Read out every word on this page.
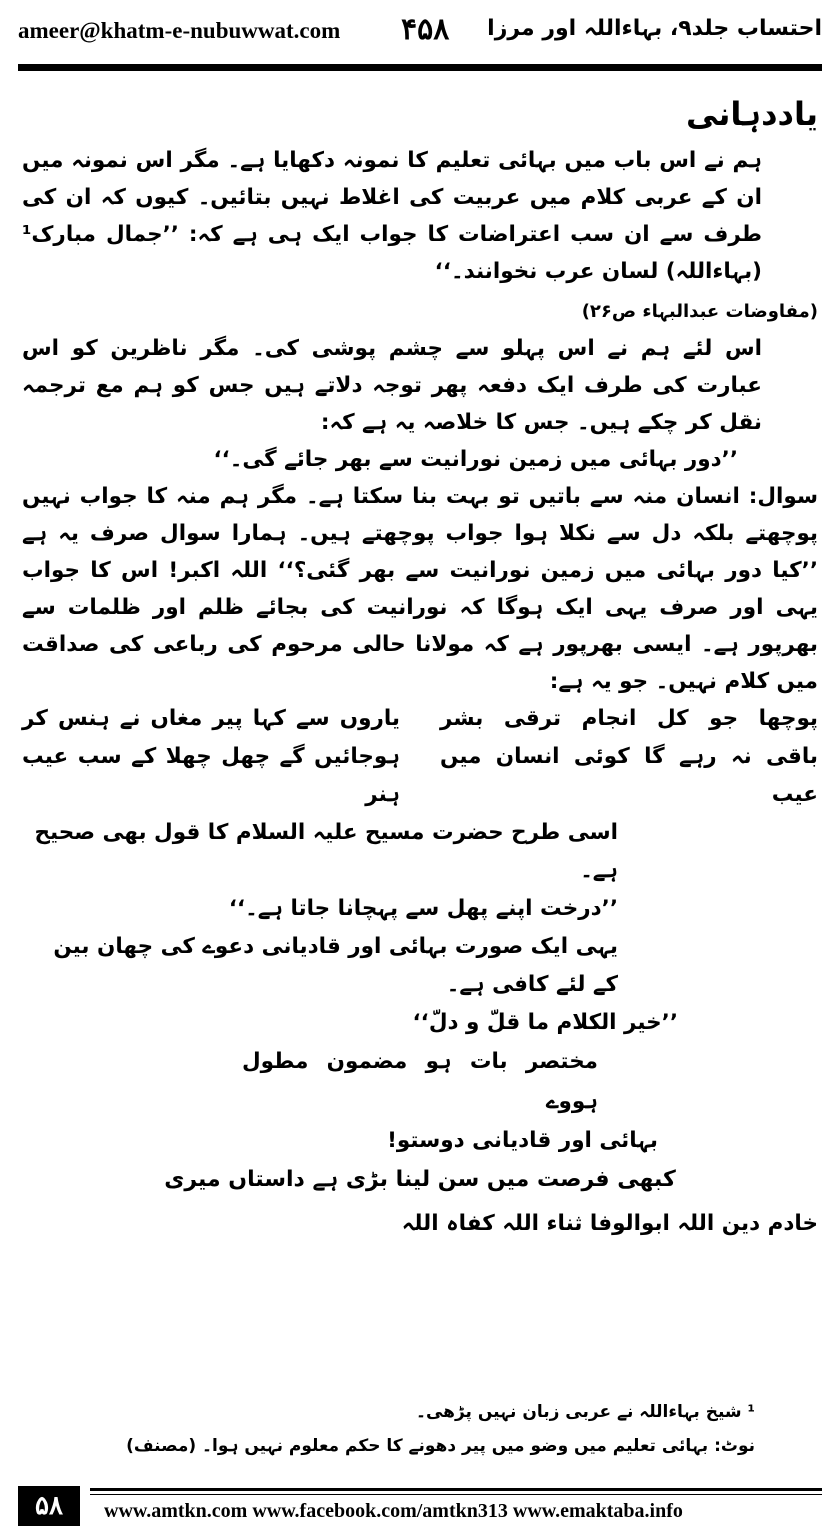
ameer@khatm-e-nubuwwat.com ۴۵۸ احتساب جلد۹، بہاءاللہ اور مرزا
یاددہانی

ہم نے اس باب میں بہائی تعلیم کا نمونہ دکھایا ہے۔ مگر اس نمونہ میں ان کے عربی کلام میں عربیت کی اغلاط نہیں بتائیں۔ کیوں کہ ان کی طرف سے ان سب اعتراضات کا جواب ایک ہی ہے کہ: ’’جمال مبارک¹ (بہاءاللہ) لسان عرب نخوانند۔‘‘

(مفاوضات عبدالبہاء ص۲۶)

اس لئے ہم نے اس پہلو سے چشم پوشی کی۔ مگر ناظرین کو اس عبارت کی طرف ایک دفعہ پھر توجہ دلاتے ہیں جس کو ہم مع ترجمہ نقل کر چکے ہیں۔ جس کا خلاصہ یہ ہے کہ:

’’دور بہائی میں زمین نورانیت سے بھر جائے گی۔‘‘

سوال: انسان منہ سے باتیں تو بہت بنا سکتا ہے۔ مگر ہم منہ کا جواب نہیں پوچھتے بلکہ دل سے نکلا ہوا جواب پوچھتے ہیں۔ ہمارا سوال صرف یہ ہے ’’کیا دور بہائی میں زمین نورانیت سے بھر گئی؟‘‘ اللہ اکبر! اس کا جواب یہی اور صرف یہی ایک ہوگا کہ نورانیت کی بجائے ظلم اور ظلمات سے بھرپور ہے۔ ایسی بھرپور ہے کہ مولانا حالی مرحوم کی رباعی کی صداقت میں کلام نہیں۔ جو یہ ہے:

پوچھا جو کل انجام ترقی بشر
یاروں سے کہا پیر مغاں نے ہنس کر
باقی نہ رہے گا کوئی انسان میں عیب
ہوجائیں گے چھل چھلا کے سب عیب ہنر

اسی طرح حضرت مسیح علیہ السلام کا قول بھی صحیح ہے۔

’’درخت اپنے پھل سے پہچانا جاتا ہے۔‘‘

یہی ایک صورت بہائی اور قادیانی دعوے کی چھان بین کے لئے کافی ہے۔

’’خیر الکلام ما قلّ و دلّ‘‘

مختصر بات ہو مضمون مطول ہووے

بہائی اور قادیانی دوستو!

کبھی فرصت میں سن لینا بڑی ہے داستاں میری

خادم دین اللہ ابوالوفا ثناء اللہ کفاہ اللہ

¹ شیخ بہاءاللہ نے عربی زبان نہیں پڑھی۔
نوٹ: بہائی تعلیم میں وضو میں پیر دھونے کا حکم معلوم نہیں ہوا۔ (مصنف)
۵۸	www.amtkn.com www.facebook.com/amtkn313 www.emaktaba.info
